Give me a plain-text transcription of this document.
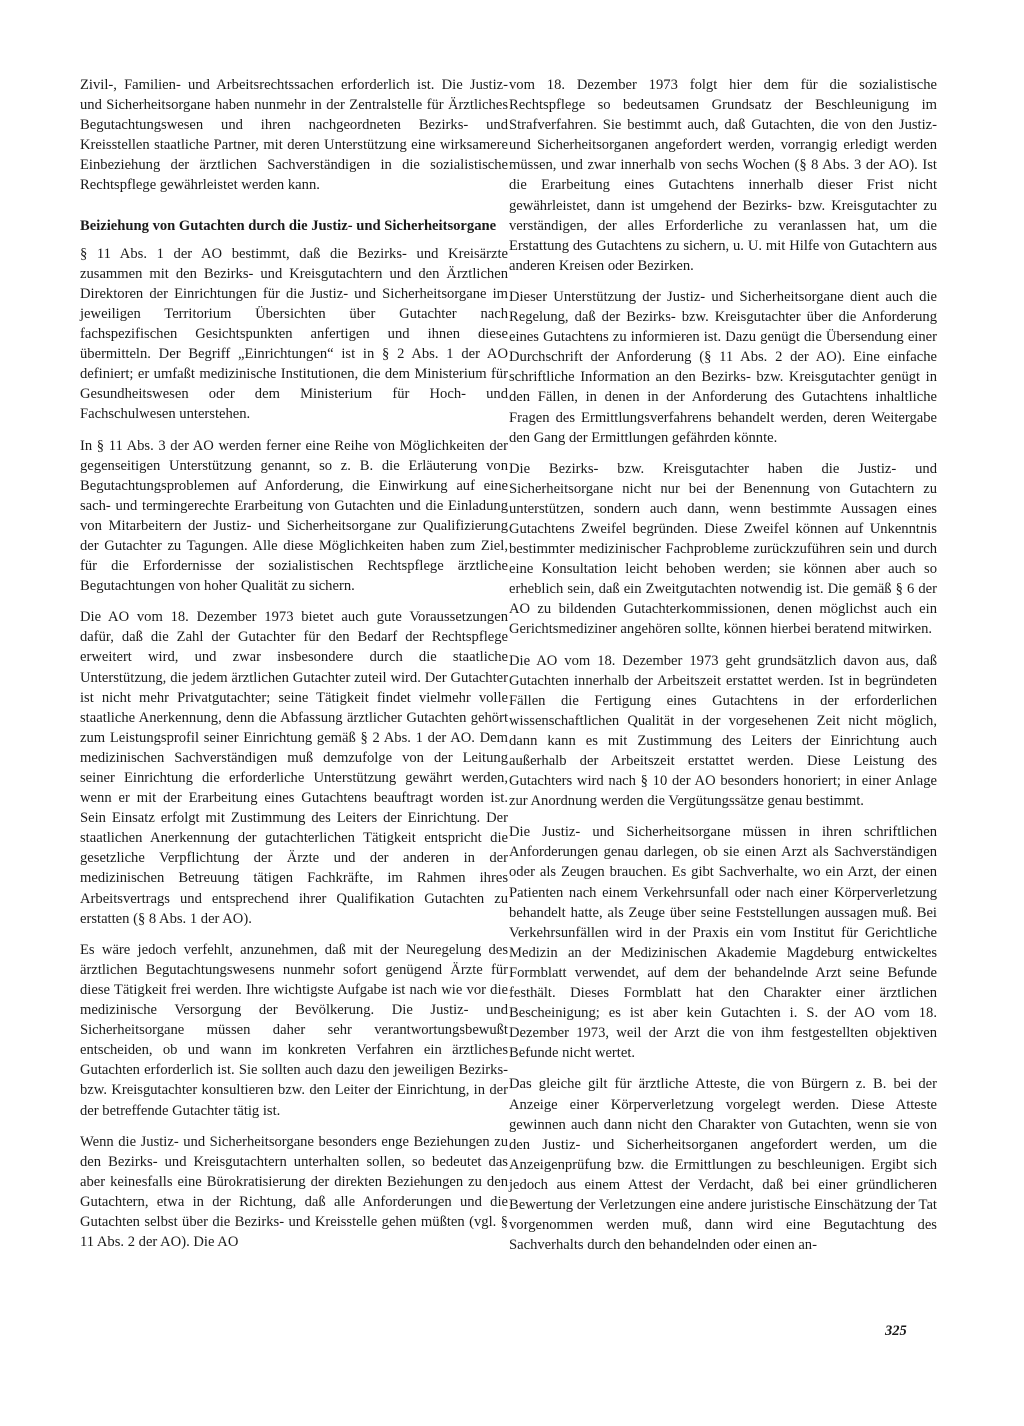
Zivil-, Familien- und Arbeitsrechtssachen erforderlich ist. Die Justiz- und Sicherheitsorgane haben nunmehr in der Zentralstelle für Ärztliches Begutachtungswesen und ihren nachgeordneten Bezirks- und Kreisstellen staatliche Partner, mit deren Unterstützung eine wirksamere Einbeziehung der ärztlichen Sachverständigen in die sozialistische Rechtspflege gewährleistet werden kann.

Beiziehung von Gutachten durch die Justiz- und Sicherheitsorgane

§ 11 Abs. 1 der AO bestimmt, daß die Bezirks- und Kreisärzte zusammen mit den Bezirks- und Kreisgutachtern und den Ärztlichen Direktoren der Einrichtungen für die Justiz- und Sicherheitsorgane im jeweiligen Territorium Übersichten über Gutachter nach fachspezifischen Gesichtspunkten anfertigen und ihnen diese übermitteln. Der Begriff „Einrichtungen“ ist in § 2 Abs. 1 der AO definiert; er umfaßt medizinische Institutionen, die dem Ministerium für Gesundheitswesen oder dem Ministerium für Hoch- und Fachschulwesen unterstehen.

In § 11 Abs. 3 der AO werden ferner eine Reihe von Möglichkeiten der gegenseitigen Unterstützung genannt, so z. B. die Erläuterung von Begutachtungsproblemen auf Anforderung, die Einwirkung auf eine sach- und termingerechte Erarbeitung von Gutachten und die Einladung von Mitarbeitern der Justiz- und Sicherheitsorgane zur Qualifizierung der Gutachter zu Tagungen. Alle diese Möglichkeiten haben zum Ziel, für die Erfordernisse der sozialistischen Rechtspflege ärztliche Begutachtungen von hoher Qualität zu sichern.

Die AO vom 18. Dezember 1973 bietet auch gute Voraussetzungen dafür, daß die Zahl der Gutachter für den Bedarf der Rechtspflege erweitert wird, und zwar insbesondere durch die staatliche Unterstützung, die jedem ärztlichen Gutachter zuteil wird. Der Gutachter ist nicht mehr Privatgutachter; seine Tätigkeit findet vielmehr volle staatliche Anerkennung, denn die Abfassung ärztlicher Gutachten gehört zum Leistungsprofil seiner Einrichtung gemäß § 2 Abs. 1 der AO. Dem medizinischen Sachverständigen muß demzufolge von der Leitung seiner Einrichtung die erforderliche Unterstützung gewährt werden, wenn er mit der Erarbeitung eines Gutachtens beauftragt worden ist. Sein Einsatz erfolgt mit Zustimmung des Leiters der Einrichtung. Der staatlichen Anerkennung der gutachterlichen Tätigkeit entspricht die gesetzliche Verpflichtung der Ärzte und der anderen in der medizinischen Betreuung tätigen Fachkräfte, im Rahmen ihres Arbeitsvertrags und entsprechend ihrer Qualifikation Gutachten zu erstatten (§ 8 Abs. 1 der AO).

Es wäre jedoch verfehlt, anzunehmen, daß mit der Neuregelung des ärztlichen Begutachtungswesens nunmehr sofort genügend Ärzte für diese Tätigkeit frei werden. Ihre wichtigste Aufgabe ist nach wie vor die medizinische Versorgung der Bevölkerung. Die Justiz- und Sicherheitsorgane müssen daher sehr verantwortungsbewußt entscheiden, ob und wann im konkreten Verfahren ein ärztliches Gutachten erforderlich ist. Sie sollten auch dazu den jeweiligen Bezirks- bzw. Kreisgutachter konsultieren bzw. den Leiter der Einrichtung, in der der betreffende Gutachter tätig ist.

Wenn die Justiz- und Sicherheitsorgane besonders enge Beziehungen zu den Bezirks- und Kreisgutachtern unterhalten sollen, so bedeutet das aber keinesfalls eine Bürokratisierung der direkten Beziehungen zu den Gutachtern, etwa in der Richtung, daß alle Anforderungen und die Gutachten selbst über die Bezirks- und Kreisstelle gehen müßten (vgl. § 11 Abs. 2 der AO). Die AO

vom 18. Dezember 1973 folgt hier dem für die sozialistische Rechtspflege so bedeutsamen Grundsatz der Beschleunigung im Strafverfahren. Sie bestimmt auch, daß Gutachten, die von den Justiz- und Sicherheitsorganen angefordert werden, vorrangig erledigt werden müssen, und zwar innerhalb von sechs Wochen (§ 8 Abs. 3 der AO). Ist die Erarbeitung eines Gutachtens innerhalb dieser Frist nicht gewährleistet, dann ist umgehend der Bezirks- bzw. Kreisgutachter zu verständigen, der alles Erforderliche zu veranlassen hat, um die Erstattung des Gutachtens zu sichern, u. U. mit Hilfe von Gutachtern aus anderen Kreisen oder Bezirken.

Dieser Unterstützung der Justiz- und Sicherheitsorgane dient auch die Regelung, daß der Bezirks- bzw. Kreisgutachter über die Anforderung eines Gutachtens zu informieren ist. Dazu genügt die Übersendung einer Durchschrift der Anforderung (§ 11 Abs. 2 der AO). Eine einfache schriftliche Information an den Bezirks- bzw. Kreisgutachter genügt in den Fällen, in denen in der Anforderung des Gutachtens inhaltliche Fragen des Ermittlungsverfahrens behandelt werden, deren Weitergabe den Gang der Ermittlungen gefährden könnte.

Die Bezirks- bzw. Kreisgutachter haben die Justiz- und Sicherheitsorgane nicht nur bei der Benennung von Gutachtern zu unterstützen, sondern auch dann, wenn bestimmte Aussagen eines Gutachtens Zweifel begründen. Diese Zweifel können auf Unkenntnis bestimmter medizinischer Fachprobleme zurückzuführen sein und durch eine Konsultation leicht behoben werden; sie können aber auch so erheblich sein, daß ein Zweitgutachten notwendig ist. Die gemäß § 6 der AO zu bildenden Gutachterkommissionen, denen möglichst auch ein Gerichtsmediziner angehören sollte, können hierbei beratend mitwirken.

Die AO vom 18. Dezember 1973 geht grundsätzlich davon aus, daß Gutachten innerhalb der Arbeitszeit erstattet werden. Ist in begründeten Fällen die Fertigung eines Gutachtens in der erforderlichen wissenschaftlichen Qualität in der vorgesehenen Zeit nicht möglich, dann kann es mit Zustimmung des Leiters der Einrichtung auch außerhalb der Arbeitszeit erstattet werden. Diese Leistung des Gutachters wird nach § 10 der AO besonders honoriert; in einer Anlage zur Anordnung werden die Vergütungssätze genau bestimmt.

Die Justiz- und Sicherheitsorgane müssen in ihren schriftlichen Anforderungen genau darlegen, ob sie einen Arzt als Sachverständigen oder als Zeugen brauchen. Es gibt Sachverhalte, wo ein Arzt, der einen Patienten nach einem Verkehrsunfall oder nach einer Körperverletzung behandelt hatte, als Zeuge über seine Feststellungen aussagen muß. Bei Verkehrsunfällen wird in der Praxis ein vom Institut für Gerichtliche Medizin an der Medizinischen Akademie Magdeburg entwickeltes Formblatt verwendet, auf dem der behandelnde Arzt seine Befunde festhält. Dieses Formblatt hat den Charakter einer ärztlichen Bescheinigung; es ist aber kein Gutachten i. S. der AO vom 18. Dezember 1973, weil der Arzt die von ihm festgestellten objektiven Befunde nicht wertet.

Das gleiche gilt für ärztliche Atteste, die von Bürgern z. B. bei der Anzeige einer Körperverletzung vorgelegt werden. Diese Atteste gewinnen auch dann nicht den Charakter von Gutachten, wenn sie von den Justiz- und Sicherheitsorganen angefordert werden, um die Anzeigenprüfung bzw. die Ermittlungen zu beschleunigen. Ergibt sich jedoch aus einem Attest der Verdacht, daß bei einer gründlicheren Bewertung der Verletzungen eine andere juristische Einschätzung der Tat vorgenommen werden muß, dann wird eine Begutachtung des Sachverhalts durch den behandelnden oder einen an-

325
